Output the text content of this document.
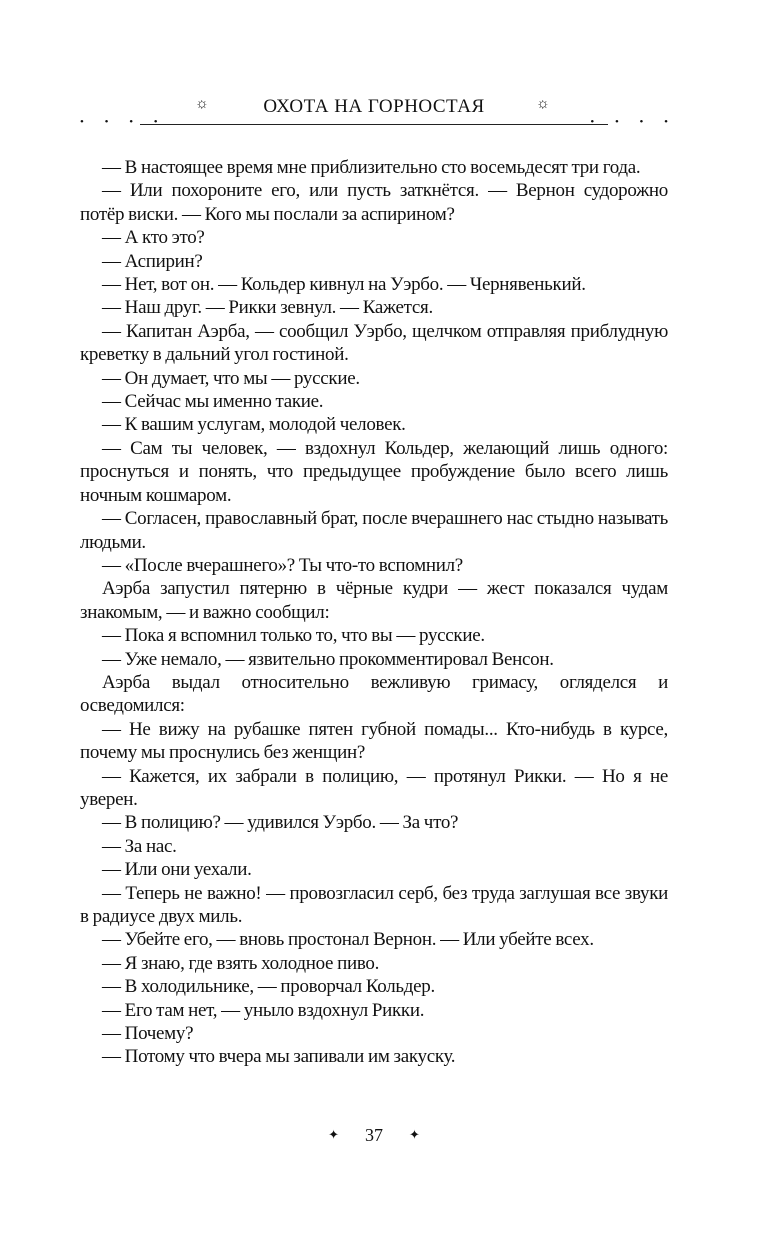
• • • •
☼	ОХОТА НА ГОРНОСТАЯ	☼
• • • •

— В настоящее время мне приблизительно сто восемьдесят три года.

— Или похороните его, или пусть заткнётся. — Вернон судорожно потёр виски. — Кого мы послали за аспирином?

— А кто это?

— Аспирин?

— Нет, вот он. — Кольдер кивнул на Уэрбо. — Чернявенький.

— Наш друг. — Рикки зевнул. — Кажется.

— Капитан Аэрба, — сообщил Уэрбо, щелчком отправляя приблудную креветку в дальний угол гостиной.

— Он думает, что мы — русские.

— Сейчас мы именно такие.

— К вашим услугам, молодой человек.

— Сам ты человек, — вздохнул Кольдер, желающий лишь одного: проснуться и понять, что предыдущее пробуждение было всего лишь ночным кошмаром.

— Согласен, православный брат, после вчерашнего нас стыдно называть людьми.

— «После вчерашнего»? Ты что-то вспомнил?

Аэрба запустил пятерню в чёрные кудри — жест показался чудам знакомым, — и важно сообщил:

— Пока я вспомнил только то, что вы — русские.

— Уже немало, — язвительно прокомментировал Венсон.

Аэрба выдал относительно вежливую гримасу, огляделся и осведомился:

— Не вижу на рубашке пятен губной помады... Кто-нибудь в курсе, почему мы проснулись без женщин?

— Кажется, их забрали в полицию, — протянул Рикки. — Но я не уверен.

— В полицию? — удивился Уэрбо. — За что?

— За нас.

— Или они уехали.

— Теперь не важно! — провозгласил серб, без труда заглушая все звуки в радиусе двух миль.

— Убейте его, — вновь простонал Вернон. — Или убейте всех.

— Я знаю, где взять холодное пиво.

— В холодильнике, — проворчал Кольдер.

— Его там нет, — уныло вздохнул Рикки.

— Почему?

— Потому что вчера мы запивали им закуску.

✦ 37 ✦
